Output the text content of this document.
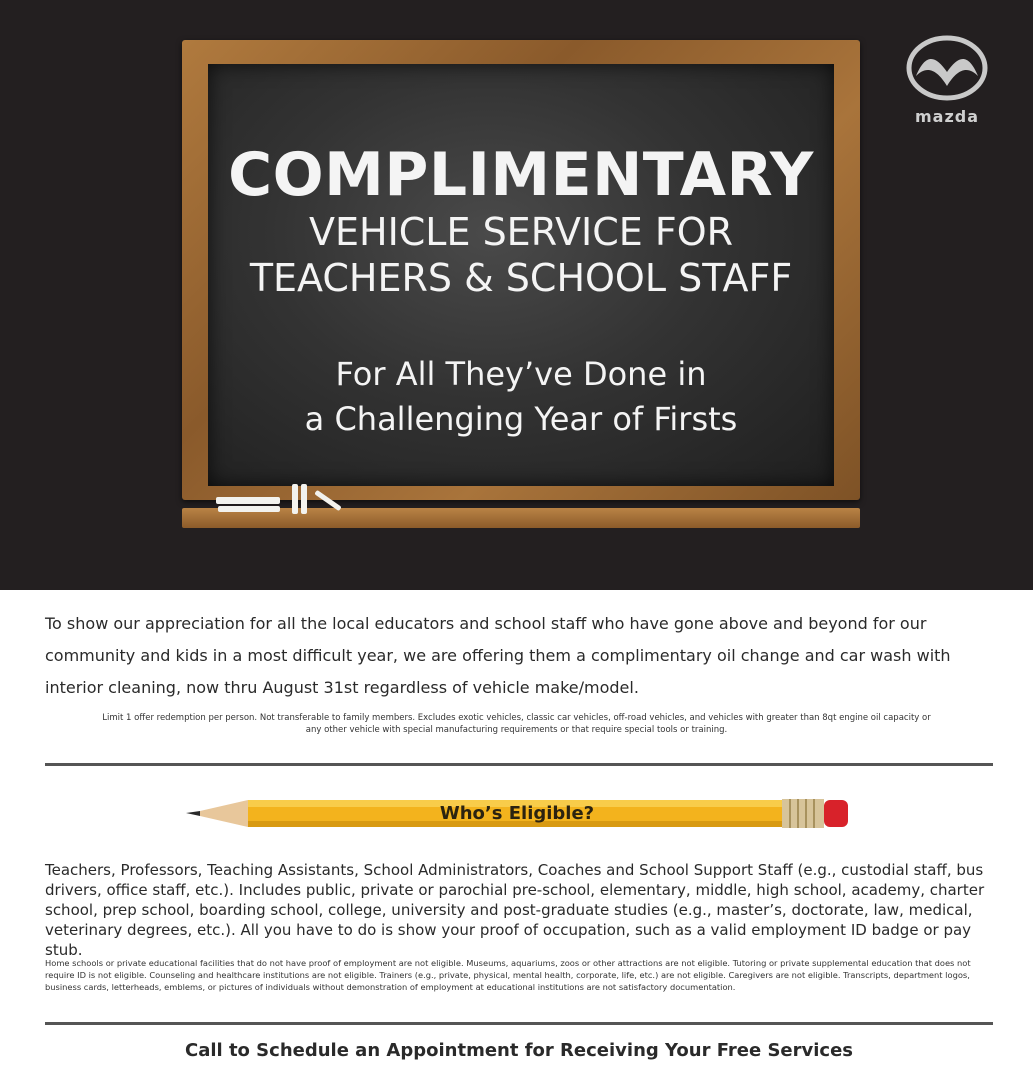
COMPLIMENTARY
VEHICLE SERVICE FOR
TEACHERS & SCHOOL STAFF
For All They’ve Done in
a Challenging Year of Firsts
mazda
To show our appreciation for all the local educators and school staff who have gone above and beyond for our community and kids in a most difficult year, we are offering them a complimentary oil change and car wash with interior cleaning, now thru August 31st regardless of vehicle make/model.
Limit 1 offer redemption per person. Not transferable to family members. Excludes exotic vehicles, classic car vehicles, off-road vehicles, and vehicles with greater than 8qt engine oil capacity or any other vehicle with special manufacturing requirements or that require special tools or training.
Who’s Eligible?
Teachers, Professors, Teaching Assistants, School Administrators, Coaches and School Support Staff (e.g., custodial staff, bus drivers, office staff, etc.). Includes public, private or parochial pre-school, elementary, middle, high school, academy, charter school, prep school, boarding school, college, university and post-graduate studies (e.g., master’s, doctorate, law, medical, veterinary degrees, etc.). All you have to do is show your proof of occupation, such as a valid employment ID badge or pay stub.
Home schools or private educational facilities that do not have proof of employment are not eligible. Museums, aquariums, zoos or other attractions are not eligible. Tutoring or private supplemental education that does not require ID is not eligible. Counseling and healthcare institutions are not eligible. Trainers (e.g., private, physical, mental health, corporate, life, etc.) are not eligible. Caregivers are not eligible. Transcripts, department logos, business cards, letterheads, emblems, or pictures of individuals without demonstration of employment at educational institutions are not satisfactory documentation.
Call to Schedule an Appointment for Receiving Your Free Services
